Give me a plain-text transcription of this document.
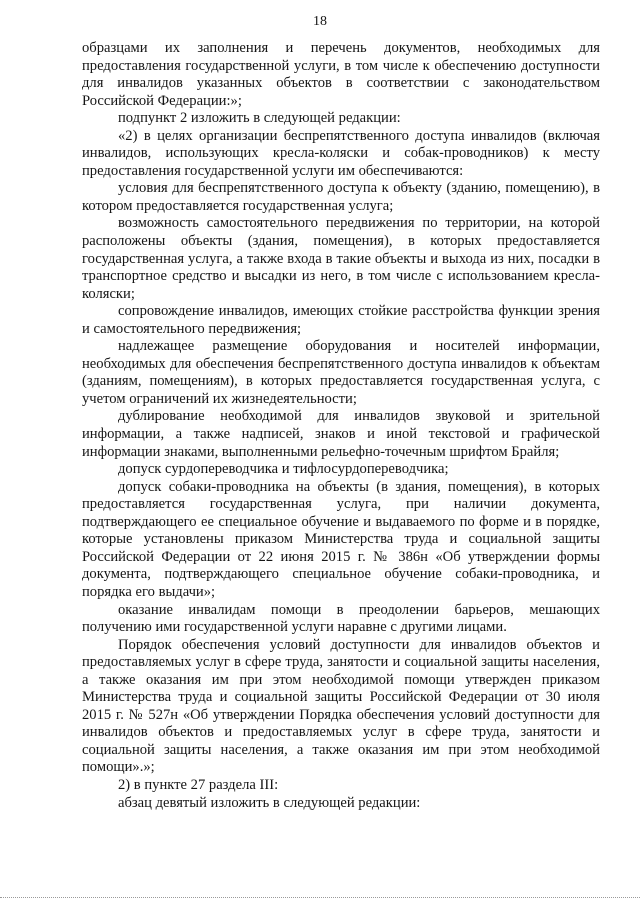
18

образцами их заполнения и перечень документов, необходимых для предоставления государственной услуги, в том числе к обеспечению доступности для инвалидов указанных объектов в соответствии с законодательством Российской Федерации:»;

подпункт 2 изложить в следующей редакции:

«2) в целях организации беспрепятственного доступа инвалидов (включая инвалидов, использующих кресла-коляски и собак-проводников) к месту предоставления государственной услуги им обеспечиваются:

условия для беспрепятственного доступа к объекту (зданию, помещению), в котором предоставляется государственная услуга;

возможность самостоятельного передвижения по территории, на которой расположены объекты (здания, помещения), в которых предоставляется государственная услуга, а также входа в такие объекты и выхода из них, посадки в транспортное средство и высадки из него, в том числе с использованием кресла-коляски;

сопровождение инвалидов, имеющих стойкие расстройства функции зрения и самостоятельного передвижения;

надлежащее размещение оборудования и носителей информации, необходимых для обеспечения беспрепятственного доступа инвалидов к объектам (зданиям, помещениям), в которых предоставляется государственная услуга, с учетом ограничений их жизнедеятельности;

дублирование необходимой для инвалидов звуковой и зрительной информации, а также надписей, знаков и иной текстовой и графической информации знаками, выполненными рельефно-точечным шрифтом Брайля;

допуск сурдопереводчика и тифлосурдопереводчика;

допуск собаки-проводника на объекты (в здания, помещения), в которых предоставляется государственная услуга, при наличии документа, подтверждающего ее специальное обучение и выдаваемого по форме и в порядке, которые установлены приказом Министерства труда и социальной защиты Российской Федерации от 22 июня 2015 г. № 386н «Об утверждении формы документа, подтверждающего специальное обучение собаки-проводника, и порядка его выдачи»;

оказание инвалидам помощи в преодолении барьеров, мешающих получению ими государственной услуги наравне с другими лицами.

Порядок обеспечения условий доступности для инвалидов объектов и предоставляемых услуг в сфере труда, занятости и социальной защиты населения, а также оказания им при этом необходимой помощи утвержден приказом Министерства труда и социальной защиты Российской Федерации от 30 июля 2015 г. № 527н «Об утверждении Порядка обеспечения условий доступности для инвалидов объектов и предоставляемых услуг в сфере труда, занятости и социальной защиты населения, а также оказания им при этом необходимой помощи».»;

2) в пункте 27 раздела III:

абзац девятый изложить в следующей редакции:
